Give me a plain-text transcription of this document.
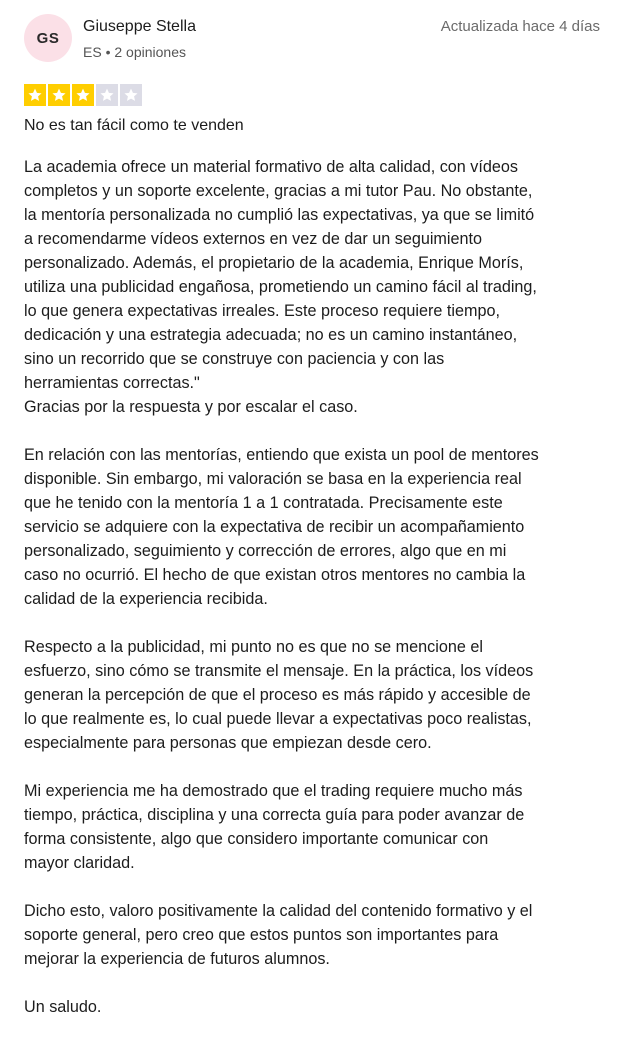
GS
Giuseppe Stella
ES • 2 opiniones
Actualizada hace 4 días
No es tan fácil como te venden

La academia ofrece un material formativo de alta calidad, con vídeos
completos y un soporte excelente, gracias a mi tutor Pau. No obstante,
la mentoría personalizada no cumplió las expectativas, ya que se limitó
a recomendarme vídeos externos en vez de dar un seguimiento
personalizado. Además, el propietario de la academia, Enrique Morís,
utiliza una publicidad engañosa, prometiendo un camino fácil al trading,
lo que genera expectativas irreales. Este proceso requiere tiempo,
dedicación y una estrategia adecuada; no es un camino instantáneo,
sino un recorrido que se construye con paciencia y con las
herramientas correctas."
Gracias por la respuesta y por escalar el caso.

En relación con las mentorías, entiendo que exista un pool de mentores
disponible. Sin embargo, mi valoración se basa en la experiencia real
que he tenido con la mentoría 1 a 1 contratada. Precisamente este
servicio se adquiere con la expectativa de recibir un acompañamiento
personalizado, seguimiento y corrección de errores, algo que en mi
caso no ocurrió. El hecho de que existan otros mentores no cambia la
calidad de la experiencia recibida.

Respecto a la publicidad, mi punto no es que no se mencione el
esfuerzo, sino cómo se transmite el mensaje. En la práctica, los vídeos
generan la percepción de que el proceso es más rápido y accesible de
lo que realmente es, lo cual puede llevar a expectativas poco realistas,
especialmente para personas que empiezan desde cero.

Mi experiencia me ha demostrado que el trading requiere mucho más
tiempo, práctica, disciplina y una correcta guía para poder avanzar de
forma consistente, algo que considero importante comunicar con
mayor claridad.

Dicho esto, valoro positivamente la calidad del contenido formativo y el
soporte general, pero creo que estos puntos son importantes para
mejorar la experiencia de futuros alumnos.

Un saludo.
